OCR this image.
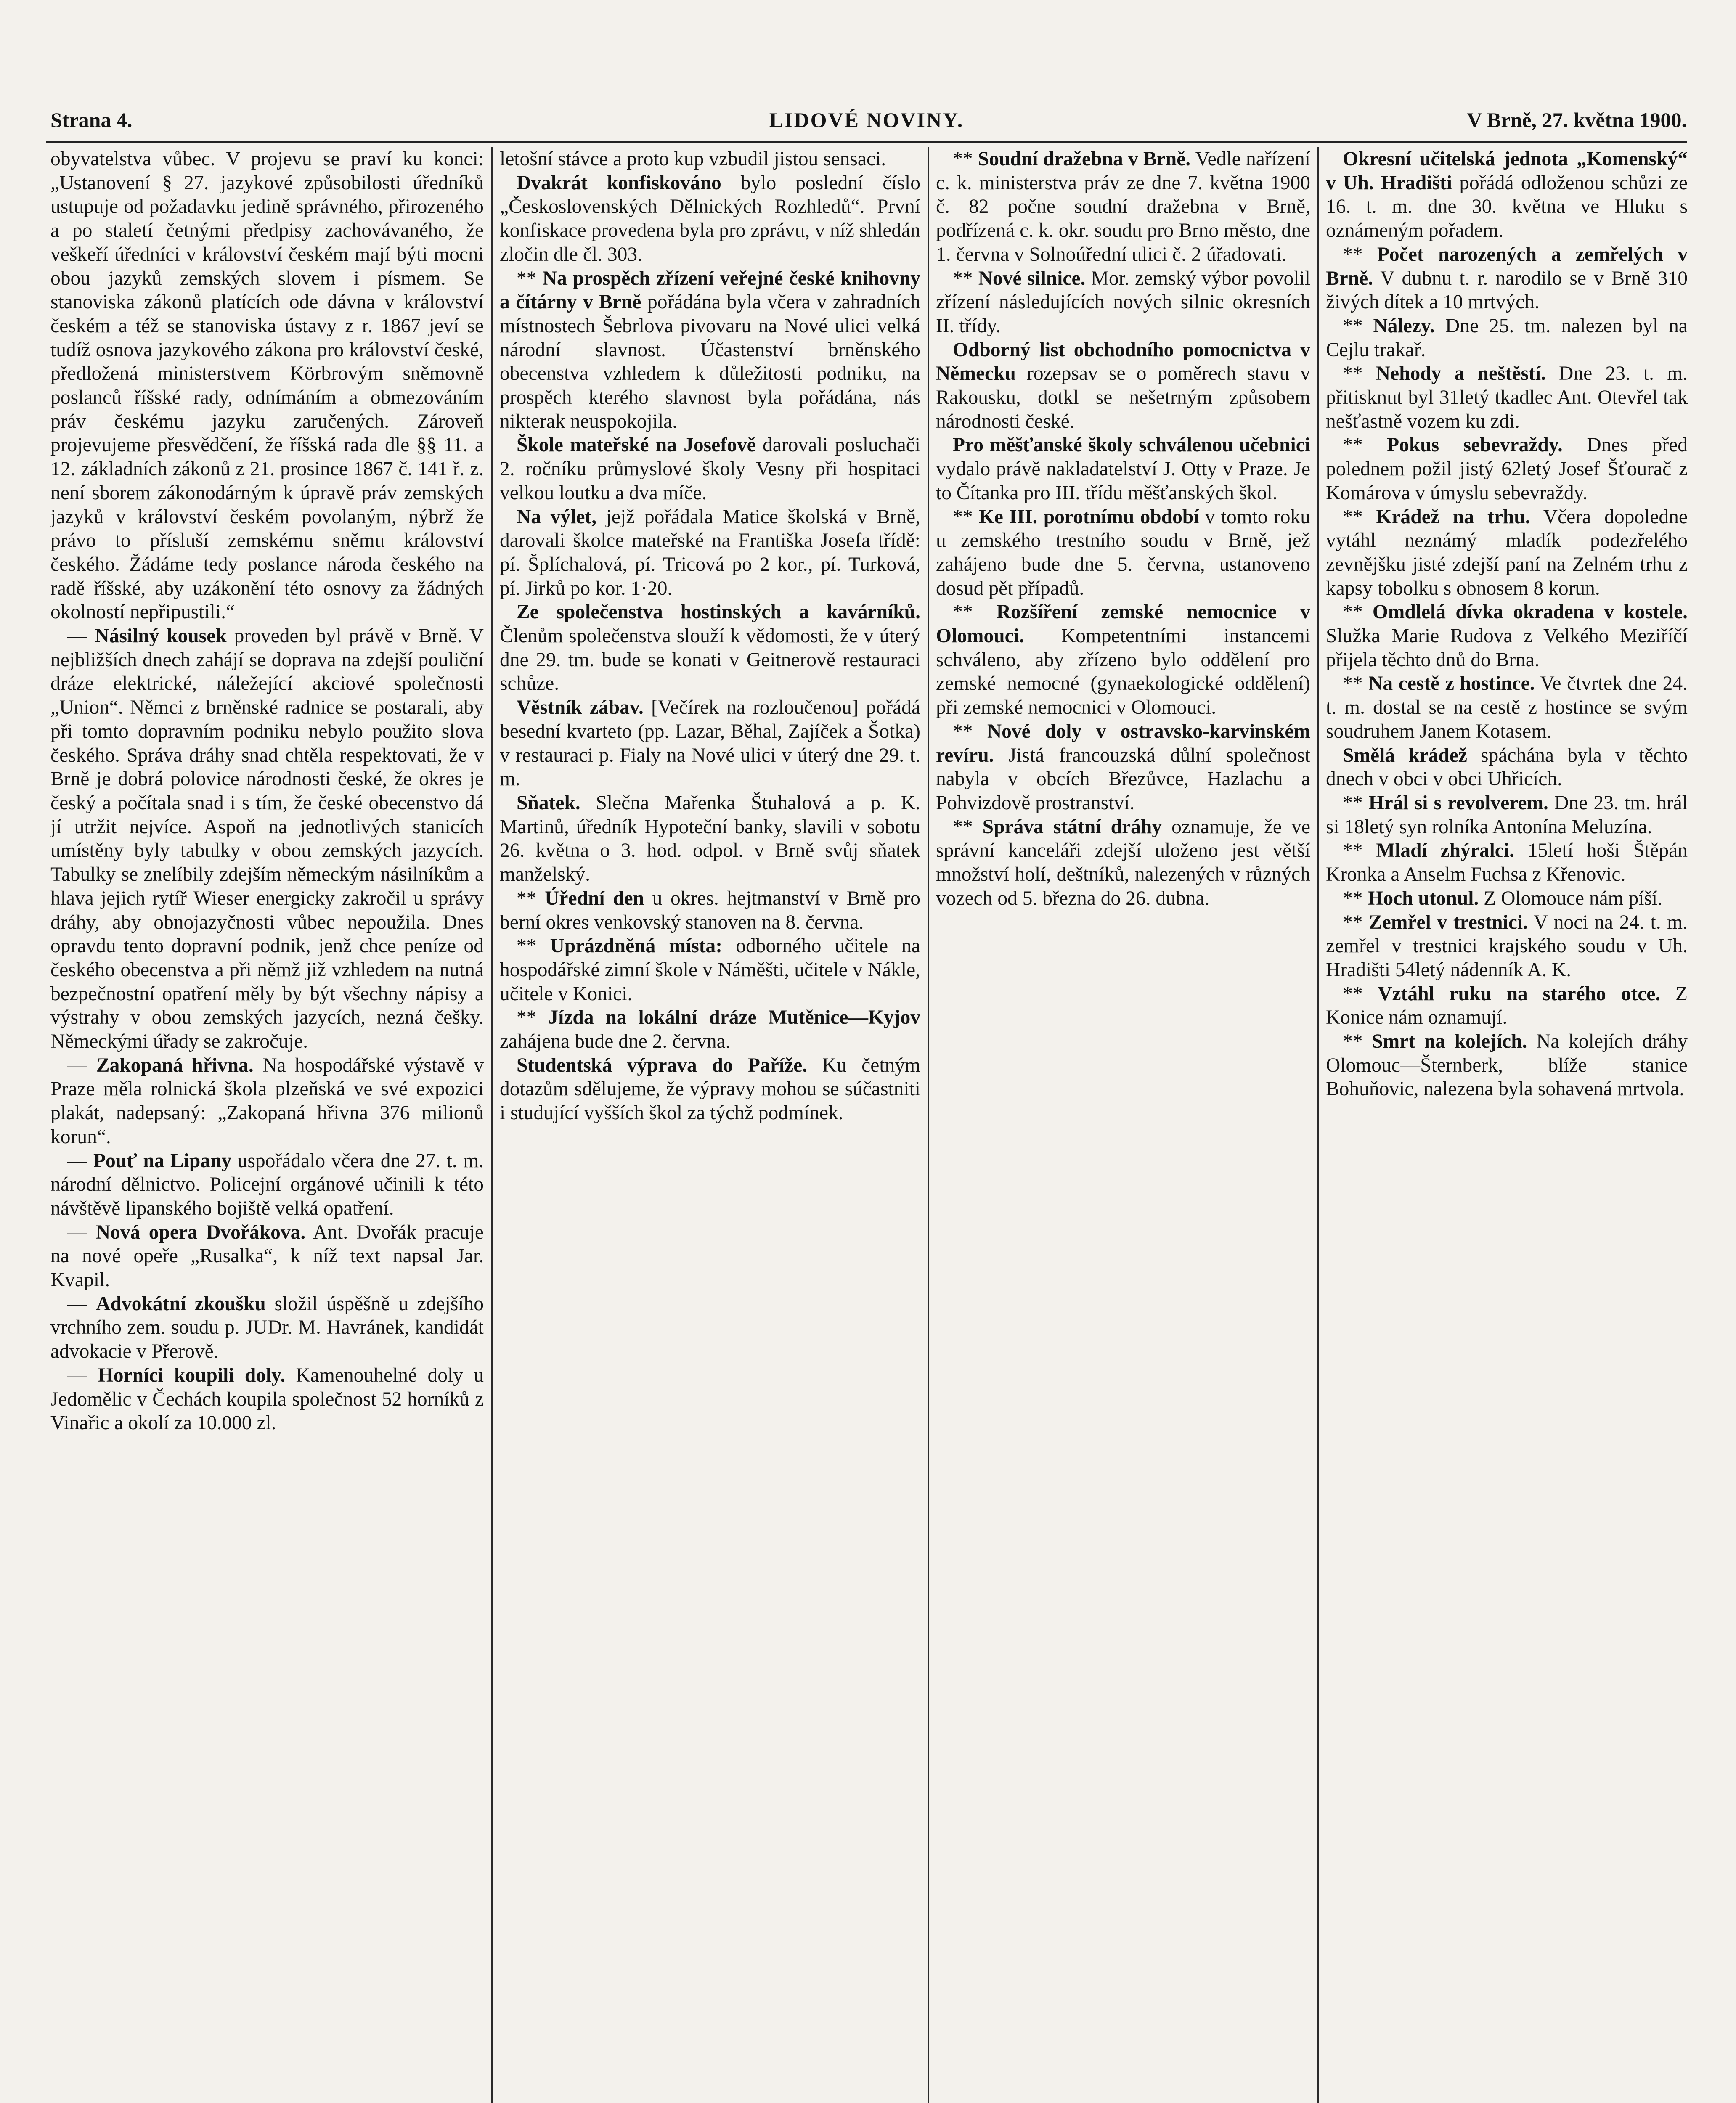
Strana 4.	LIDOVÉ NOVINY.	V Brně, 27. května 1900.

obyvatelstva vůbec. V projevu se praví ku konci: „Ustanovení § 27. jazykové způsobilosti úředníků ustupuje od požadavku jedině správného, přirozeného a po staletí četnými předpisy zachovávaného, že veškeří úředníci v království českém mají býti mocni obou jazyků zemských slovem i písmem. Se stanoviska zákonů platících ode dávna v království českém a též se stanoviska ústavy z r. 1867 jeví se tudíž osnova jazykového zákona pro království české, předložená ministerstvem Körbrovým sněmovně poslanců říšské rady, odnímáním a obmezováním práv českému jazyku zaručených. Zároveň projevujeme přesvědčení, že říšská rada dle §§ 11. a 12. základních zákonů z 21. prosince 1867 č. 141 ř. z. není sborem zákonodárným k úpravě práv zemských jazyků v království českém povolaným, nýbrž že právo to přísluší zemskému sněmu království českého. Žádáme tedy poslance národa českého na radě říšské, aby uzákonění této osnovy za žádných okolností nepřipustili.“

— Násilný kousek proveden byl právě v Brně. V nejbližších dnech zahájí se doprava na zdejší pouliční dráze elektrické, náležející akciové společnosti „Union“. Němci z brněnské radnice se postarali, aby při tomto dopravním podniku nebylo použito slova českého. Správa dráhy snad chtěla respektovati, že v Brně je dobrá polovice národnosti české, že okres je český a počítala snad i s tím, že české obecenstvo dá jí utržit nejvíce. Aspoň na jednotlivých stanicích umístěny byly tabulky v obou zemských jazycích. Tabulky se znelíbily zdejším německým násilníkům a hlava jejich rytíř Wieser energicky zakročil u správy dráhy, aby obnojazyčnosti vůbec nepoužila. Dnes opravdu tento dopravní podnik, jenž chce peníze od českého obecenstva a při němž již vzhledem na nutná bezpečnostní opatření měly by být všechny nápisy a výstrahy v obou zemských jazycích, nezná češky. Německými úřady se zakročuje.

— Zakopaná hřivna. Na hospodářské výstavě v Praze měla rolnická škola plzeňská ve své expozici plakát, nadepsaný: „Zakopaná hřivna 376 milionů korun“.

— Pouť na Lipany uspořádalo včera dne 27. t. m. národní dělnictvo. Policejní orgánové učinili k této návštěvě lipanského bojiště velká opatření.

— Nová opera Dvořákova. Ant. Dvořák pracuje na nové opeře „Rusalka“, k níž text napsal Jar. Kvapil.

— Advokátní zkoušku složil úspěšně u zdejšího vrchního zem. soudu p. JUDr. M. Havránek, kandidát advokacie v Přerově.

— Horníci koupili doly. Kamenouhelné doly u Jedomělic v Čechách koupila společnost 52 horníků z Vinařic a okolí za 10.000 zl.

letošní stávce a proto kup vzbudil jistou sensaci.

Dvakrát konfiskováno bylo poslední číslo „Československých Dělnických Rozhledů“. První konfiskace provedena byla pro zprávu, v níž shledán zločin dle čl. 303.

** Na prospěch zřízení veřejné české knihovny a čítárny v Brně pořádána byla včera v zahradních místnostech Šebrlova pivovaru na Nové ulici velká národní slavnost. Účastenství brněnského obecenstva vzhledem k důležitosti podniku, na prospěch kterého slavnost byla pořádána, nás nikterak neuspokojila.

Škole mateřské na Josefově darovali posluchači 2. ročníku průmyslové školy Vesny při hospitaci velkou loutku a dva míče.

Na výlet, jejž pořádala Matice školská v Brně, darovali školce mateřské na Františka Josefa třídě: pí. Šplíchalová, pí. Tricová po 2 kor., pí. Turková, pí. Jirků po kor. 1·20.

Ze společenstva hostinských a kavárníků. Členům společenstva slouží k vědomosti, že v úterý dne 29. tm. bude se konati v Geitnerově restauraci schůze.

Věstník zábav. [Večírek na rozloučenou] pořádá besední kvarteto (pp. Lazar, Běhal, Zajíček a Šotka) v restauraci p. Fialy na Nové ulici v úterý dne 29. t. m.

Sňatek. Slečna Mařenka Štuhalová a p. K. Martinů, úředník Hypoteční banky, slavili v sobotu 26. května o 3. hod. odpol. v Brně svůj sňatek manželský.

** Úřední den u okres. hejtmanství v Brně pro berní okres venkovský stanoven na 8. června.

** Uprázdněná místa: odborného učitele na hospodářské zimní škole v Náměšti, učitele v Nákle, učitele v Konici.

** Jízda na lokální dráze Mutěnice—Kyjov zahájena bude dne 2. června.

Studentská výprava do Paříže. Ku četným dotazům sdělujeme, že výpravy mohou se súčastniti i studující vyšších škol za týchž podmínek.

** Soudní dražebna v Brně. Vedle nařízení c. k. ministerstva práv ze dne 7. května 1900 č. 82 počne soudní dražebna v Brně, podřízená c. k. okr. soudu pro Brno město, dne 1. června v Solnoúřední ulici č. 2 úřadovati.

** Nové silnice. Mor. zemský výbor povolil zřízení následujících nových silnic okresních II. třídy.

Odborný list obchodního pomocnictva v Německu rozepsav se o poměrech stavu v Rakousku, dotkl se nešetrným způsobem národnosti české.

Pro měšťanské školy schválenou učebnici vydalo právě nakladatelství J. Otty v Praze. Je to Čítanka pro III. třídu měšťanských škol.

** Ke III. porotnímu období v tomto roku u zemského trestního soudu v Brně, jež zahájeno bude dne 5. června, ustanoveno dosud pět případů.

** Rozšíření zemské nemocnice v Olomouci. Kompetentními instancemi schváleno, aby zřízeno bylo oddělení pro zemské nemocné (gynaekologické oddělení) při zemské nemocnici v Olomouci.

** Nové doly v ostravsko-karvinském revíru. Jistá francouzská důlní společnost nabyla v obcích Březůvce, Hazlachu a Pohvizdově prostranství.

** Správa státní dráhy oznamuje, že ve správní kanceláři zdejší uloženo jest větší množství holí, deštníků, nalezených v různých vozech od 5. března do 26. dubna.

Okresní učitelská jednota „Komenský“ v Uh. Hradišti pořádá odloženou schůzi ze 16. t. m. dne 30. května ve Hluku s oznámeným pořadem.

** Počet narozených a zemřelých v Brně. V dubnu t. r. narodilo se v Brně 310 živých dítek a 10 mrtvých.

** Nálezy. Dne 25. tm. nalezen byl na Cejlu trakař.

** Nehody a neštěstí. Dne 23. t. m. přitisknut byl 31letý tkadlec Ant. Otevřel tak nešťastně vozem ku zdi.

** Pokus sebevraždy. Dnes před polednem požil jistý 62letý Josef Šťourač z Komárova v úmyslu sebevraždy.

** Krádež na trhu. Včera dopoledne vytáhl neznámý mladík podezřelého zevnějšku jisté zdejší paní na Zelném trhu z kapsy tobolku s obnosem 8 korun.

** Omdlelá dívka okradena v kostele. Služka Marie Rudova z Velkého Meziříčí přijela těchto dnů do Brna.

** Na cestě z hostince. Ve čtvrtek dne 24. t. m. dostal se na cestě z hostince se svým soudruhem Janem Kotasem.

Smělá krádež spáchána byla v těchto dnech v obci v obci Uhřicích.

** Hrál si s revolverem. Dne 23. tm. hrál si 18letý syn rolníka Antonína Meluzína.

** Mladí zhýralci. 15letí hoši Štěpán Kronka a Anselm Fuchsa z Křenovic.

** Hoch utonul. Z Olomouce nám píší.

** Zemřel v trestnici. V noci na 24. t. m. zemřel v trestnici krajského soudu v Uh. Hradišti 54letý nádenník A. K.

** Vztáhl ruku na starého otce. Z Konice nám oznamují.

** Smrt na kolejích. Na kolejích dráhy Olomouc—Šternberk, blíže stanice Bohuňovic, nalezena byla sohavená mrtvola.
